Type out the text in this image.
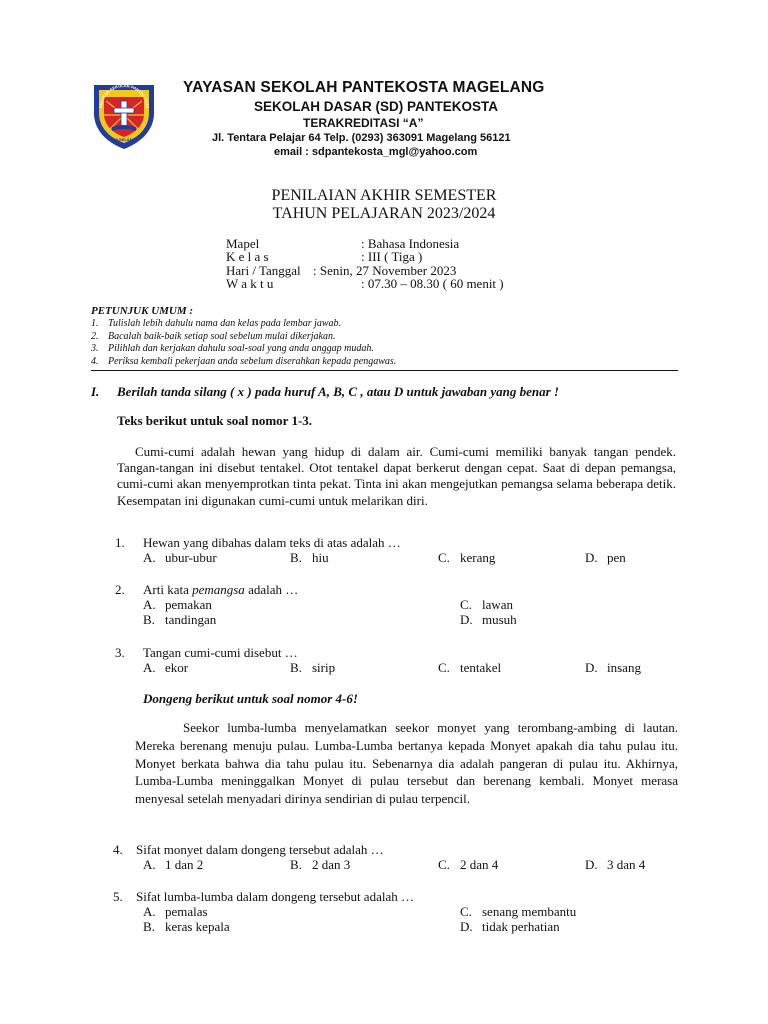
YAYASAN SEKOLAH PANTEKOSTA
MAGELANG
YAYASAN SEKOLAH PANTEKOSTA MAGELANG
SEKOLAH DASAR (SD) PANTEKOSTA
TERAKREDITASI “A”
Jl. Tentara Pelajar 64 Telp. (0293) 363091 Magelang 56121
email : sdpantekosta_mgl@yahoo.com
PENILAIAN AKHIR SEMESTER
TAHUN PELAJARAN 2023/2024
Mapel	: Bahasa Indonesia
K e l a s	: III ( Tiga )
Hari / Tanggal : Senin, 27 November 2023
W a k t u	: 07.30 – 08.30 ( 60 menit )
PETUNJUK UMUM :
1. Tulislah lebih dahulu nama dan kelas pada lembar jawab.
2. Bacalah baik-baik setiap soal sebelum mulai dikerjakan.
3. Pilihlah dan kerjakan dahulu soal-soal yang anda anggap mudah.
4. Periksa kembali pekerjaan anda sebelum diserahkan kepada pengawas.
I. Berilah tanda silang ( x ) pada huruf A, B, C , atau D untuk jawaban yang benar !
Teks berikut untuk soal nomor 1-3.
Cumi-cumi adalah hewan yang hidup di dalam air. Cumi-cumi memiliki banyak tangan pendek. Tangan-tangan ini disebut tentakel. Otot tentakel dapat berkerut dengan cepat. Saat di depan pemangsa, cumi-cumi akan menyemprotkan tinta pekat. Tinta ini akan mengejutkan pemangsa selama beberapa detik. Kesempatan ini digunakan cumi-cumi untuk melarikan diri.
1. Hewan yang dibahas dalam teks di atas adalah …
A. ubur-ubur	B. hiu	C. kerang	D. pen
2. Arti kata pemangsa adalah …
A. pemakan
B. tandingan
C. lawan
D. musuh
3. Tangan cumi-cumi disebut …
A. ekor	B. sirip	C. tentakel	D. insang
Dongeng berikut untuk soal nomor 4-6!
Seekor lumba-lumba menyelamatkan seekor monyet yang terombang-ambing di lautan. Mereka berenang menuju pulau. Lumba-Lumba bertanya kepada Monyet apakah dia tahu pulau itu. Monyet berkata bahwa dia tahu pulau itu. Sebenarnya dia adalah pangeran di pulau itu. Akhirnya, Lumba-Lumba meninggalkan Monyet di pulau tersebut dan berenang kembali. Monyet merasa menyesal setelah menyadari dirinya sendirian di pulau terpencil.
4. Sifat monyet dalam dongeng tersebut adalah …
A. 1 dan 2	B. 2 dan 3	C. 2 dan 4	D. 3 dan 4
5. Sifat lumba-lumba dalam dongeng tersebut adalah …
A. pemalas
B. keras kepala
C. senang membantu
D. tidak perhatian
